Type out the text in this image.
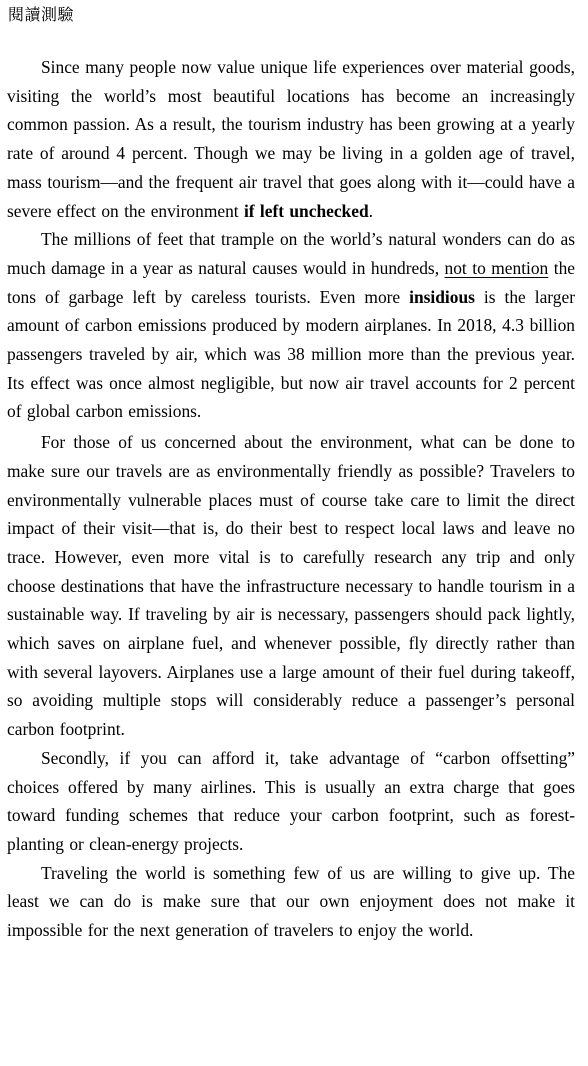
閱讀測驗

Since many people now value unique life experiences over material goods, visiting the world’s most beautiful locations has become an increasingly common passion. As a result, the tourism industry has been growing at a yearly rate of around 4 percent. Though we may be living in a golden age of travel, mass tourism—and the frequent air travel that goes along with it—could have a severe effect on the environment if left unchecked.

The millions of feet that trample on the world’s natural wonders can do as much damage in a year as natural causes would in hundreds, not to mention the tons of garbage left by careless tourists. Even more insidious is the larger amount of carbon emissions produced by modern airplanes. In 2018, 4.3 billion passengers traveled by air, which was 38 million more than the previous year. Its effect was once almost negligible, but now air travel accounts for 2 percent of global carbon emissions.

For those of us concerned about the environment, what can be done to make sure our travels are as environmentally friendly as possible? Travelers to environmentally vulnerable places must of course take care to limit the direct impact of their visit—that is, do their best to respect local laws and leave no trace. However, even more vital is to carefully research any trip and only choose destinations that have the infrastructure necessary to handle tourism in a sustainable way. If traveling by air is necessary, passengers should pack lightly, which saves on airplane fuel, and whenever possible, fly directly rather than with several layovers. Airplanes use a large amount of their fuel during takeoff, so avoiding multiple stops will considerably reduce a passenger’s personal carbon footprint.

Secondly, if you can afford it, take advantage of “carbon offsetting” choices offered by many airlines. This is usually an extra charge that goes toward funding schemes that reduce your carbon footprint, such as forest-planting or clean-energy projects.

Traveling the world is something few of us are willing to give up. The least we can do is make sure that our own enjoyment does not make it impossible for the next generation of travelers to enjoy the world.
